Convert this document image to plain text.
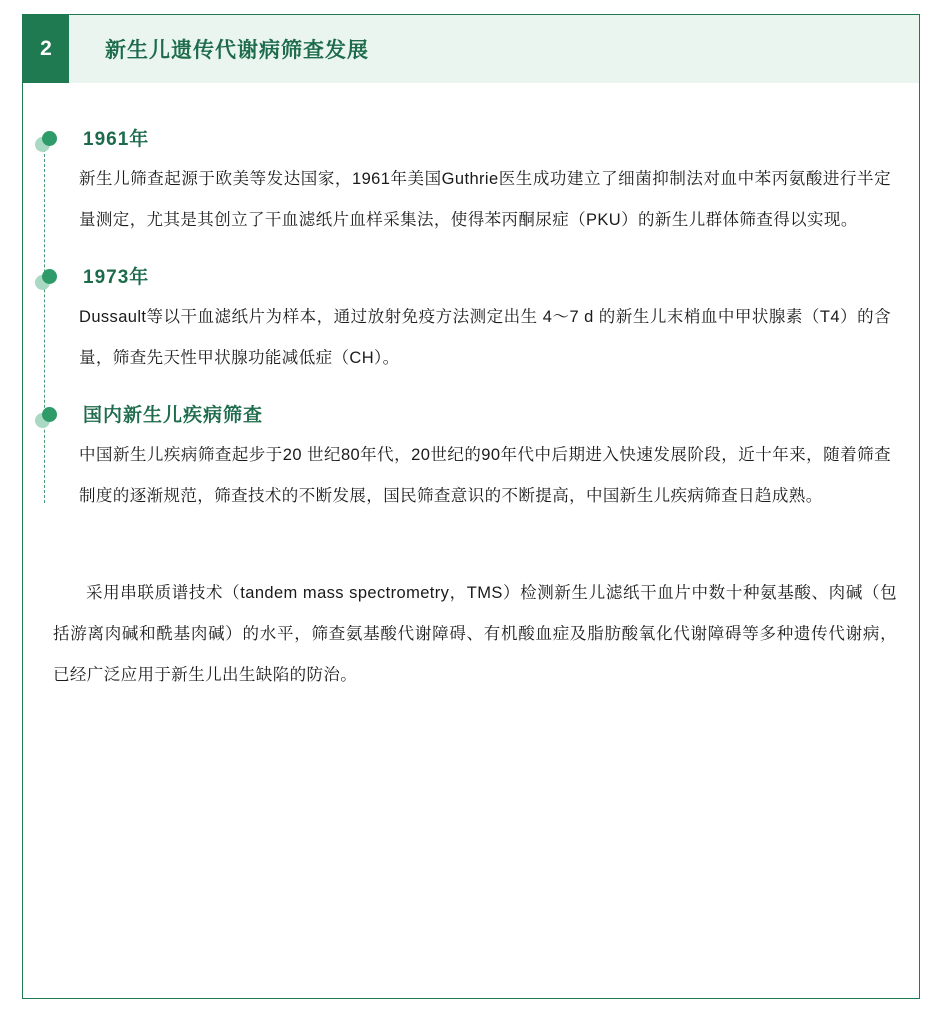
2	新生儿遗传代谢病筛查发展
1961年

新生儿筛查起源于欧美等发达国家，1961年美国Guthrie医生成功建立了细菌抑制法对血中苯丙氨酸进行半定量测定，尤其是其创立了干血滤纸片血样采集法，使得苯丙酮尿症（PKU）的新生儿群体筛查得以实现。

1973年

Dussault等以干血滤纸片为样本，通过放射免疫方法测定出生 4～7 d 的新生儿末梢血中甲状腺素（T4）的含量，筛查先天性甲状腺功能减低症（CH）。

国内新生儿疾病筛查

中国新生儿疾病筛查起步于20 世纪80年代，20世纪的90年代中后期进入快速发展阶段，近十年来，随着筛查制度的逐渐规范，筛查技术的不断发展，国民筛查意识的不断提高，中国新生儿疾病筛查日趋成熟。

采用串联质谱技术（tandem mass spectrometry，TMS）检测新生儿滤纸干血片中数十种氨基酸、肉碱（包括游离肉碱和酰基肉碱）的水平，筛查氨基酸代谢障碍、有机酸血症及脂肪酸氧化代谢障碍等多种遗传代谢病，已经广泛应用于新生儿出生缺陷的防治。
